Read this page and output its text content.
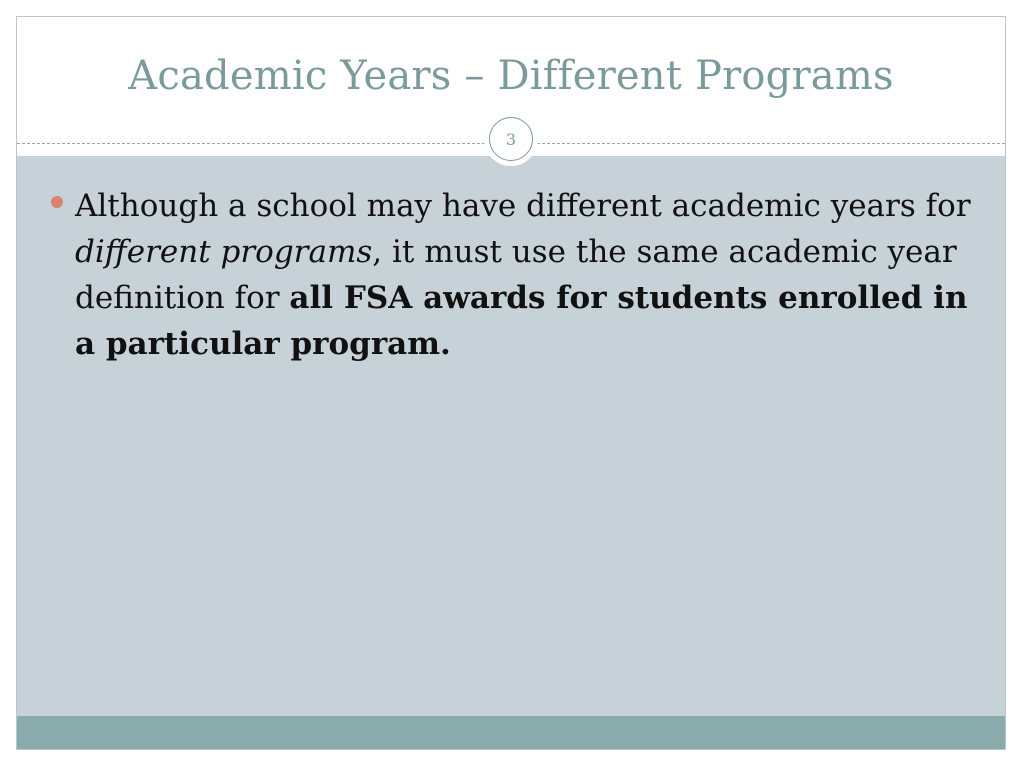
Academic Years – Different Programs
3
Although a school may have different academic years for different programs, it must use the same academic year definition for all FSA awards for students enrolled in a particular program.
